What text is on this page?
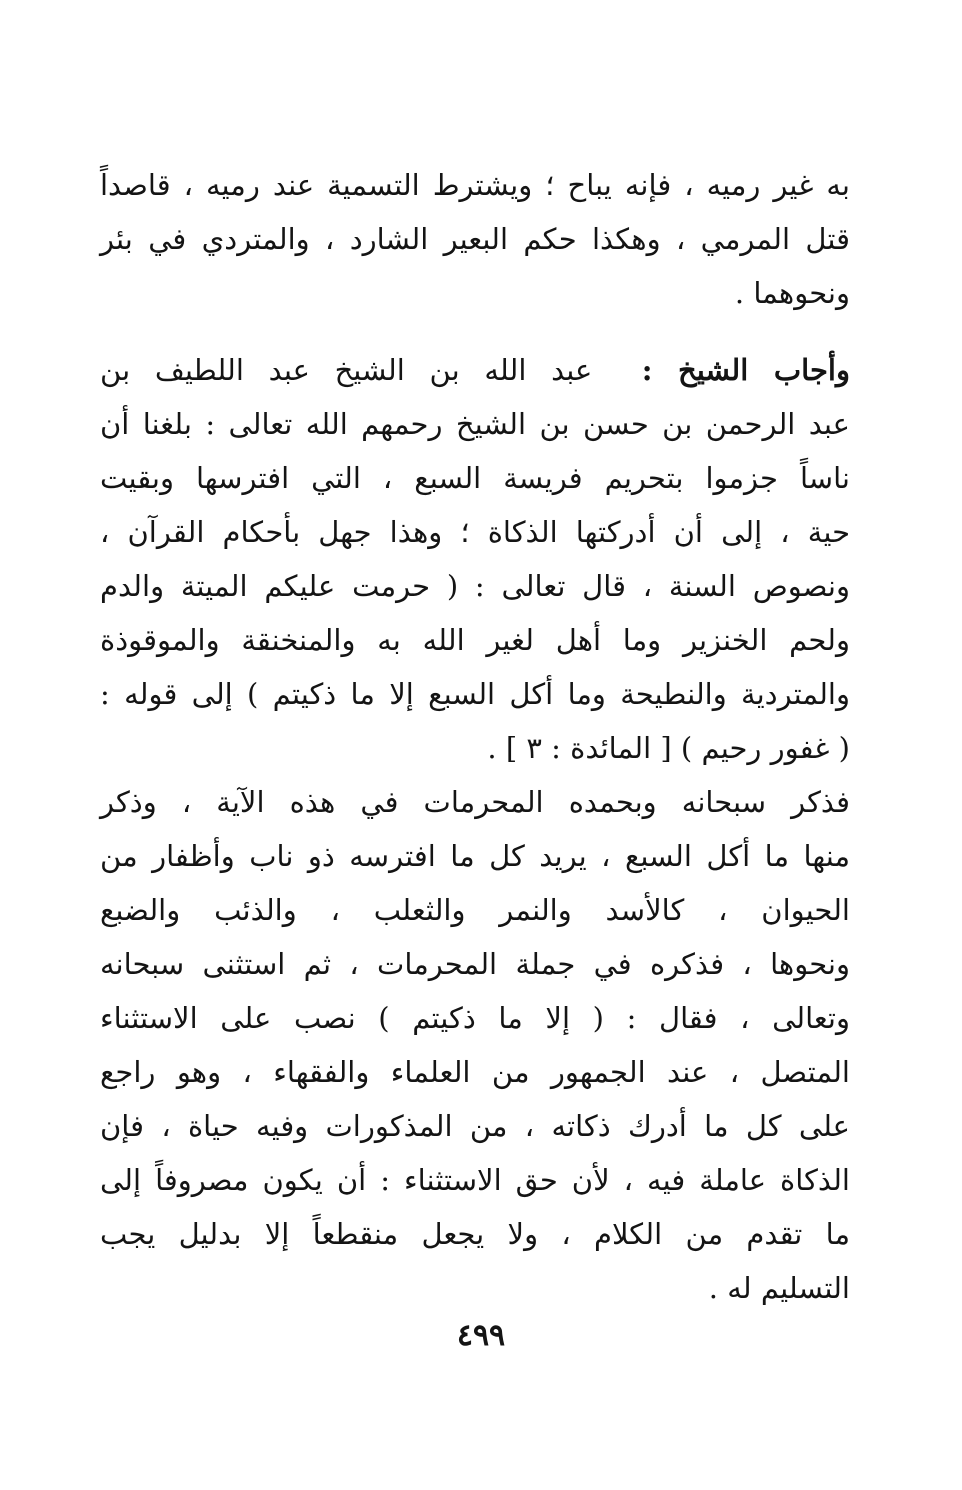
به غير رميه ، فإنه يباح ؛ ويشترط التسمية عند رميه ، قاصداً
قتل المرمي ، وهكذا حكم البعير الشارد ، والمتردي في بئر
ونحوهما .
وأجاب الشيخ :  عبد الله بن الشيخ عبد اللطيف بن
عبد الرحمن بن حسن بن الشيخ رحمهم الله تعالى : بلغنا أن
ناساً جزموا بتحريم فريسة السبع ، التي افترسها وبقيت
حية ، إلى أن أدركتها الذكاة ؛ وهذا جهل بأحكام القرآن ،
ونصوص السنة ، قال تعالى : ( حرمت عليكم الميتة والدم
ولحم الخنزير وما أهل لغير الله به والمنخنقة والموقوذة
والمتردية والنطيحة وما أكل السبع إلا ما ذكيتم ) إلى قوله :
( غفور رحيم ) [ المائدة : ٣ ] .
فذكر سبحانه وبحمده المحرمات في هذه الآية ، وذكر
منها ما أكل السبع ، يريد كل ما افترسه ذو ناب وأظفار من
الحيوان ، كالأسد والنمر والثعلب ، والذئب والضبع
ونحوها ، فذكره في جملة المحرمات ، ثم استثنى سبحانه
وتعالى ، فقال : ( إلا ما ذكيتم ) نصب على الاستثناء
المتصل ، عند الجمهور من العلماء والفقهاء ، وهو راجع
على كل ما أدرك ذكاته ، من المذكورات وفيه حياة ، فإن
الذكاة عاملة فيه ، لأن حق الاستثناء : أن يكون مصروفاً إلى
ما تقدم من الكلام ، ولا يجعل منقطعاً إلا بدليل يجب
التسليم له .
٤٩٩
